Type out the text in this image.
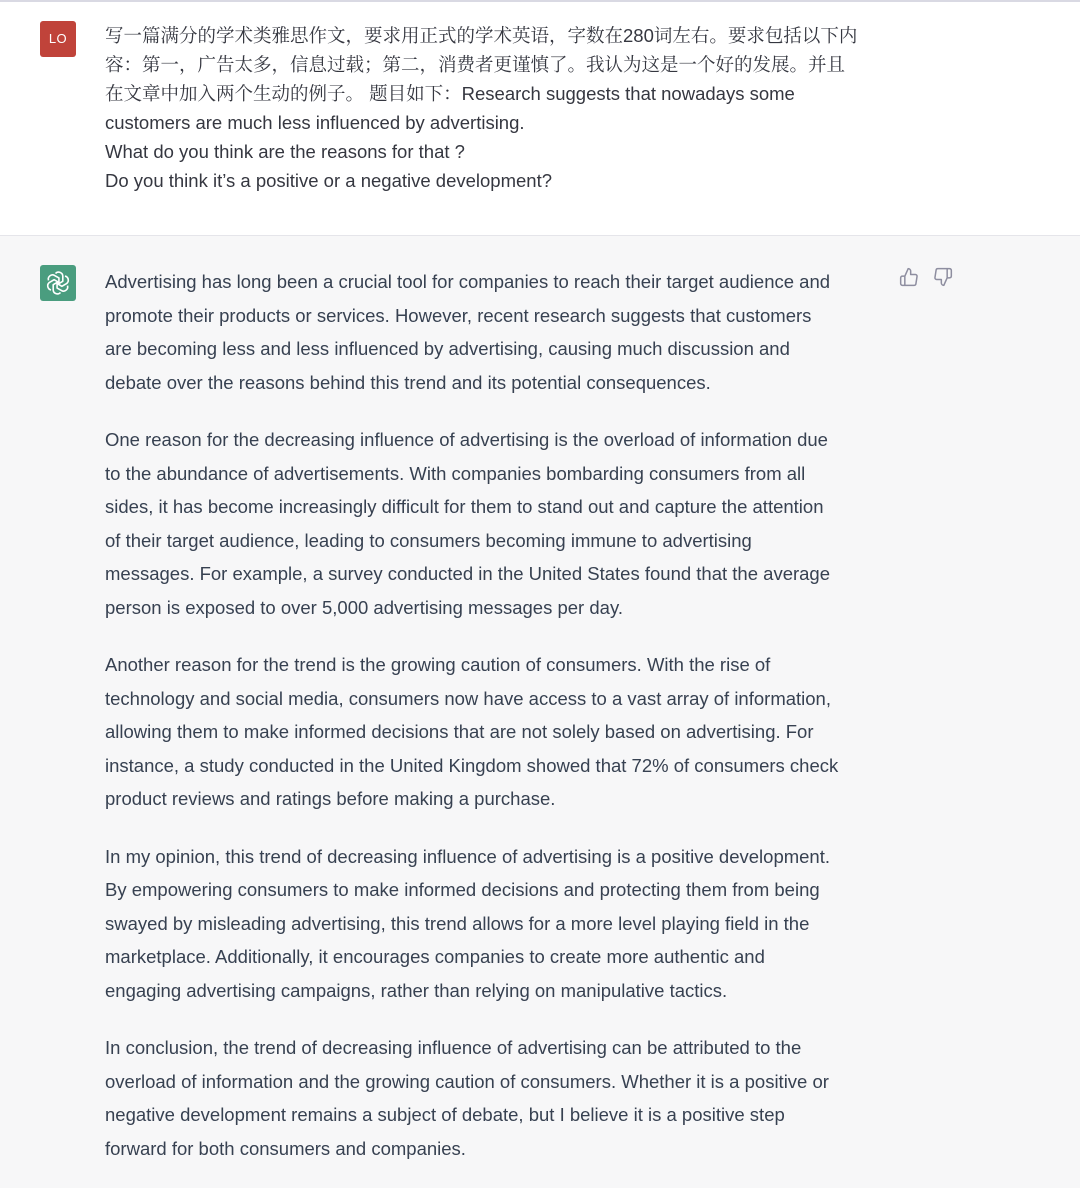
LO	写一篇满分的学术类雅思作文，要求用正式的学术英语，字数在280词左右。要求包括以下内
容：第一，广告太多，信息过载；第二，消费者更谨慎了。我认为这是一个好的发展。并且
在文章中加入两个生动的例子。 题目如下：Research suggests that nowadays some
customers are much less influenced by advertising.
What do you think are the reasons for that ?
Do you think it’s a positive or a negative development?
Advertising has long been a crucial tool for companies to reach their target audience and
promote their products or services. However, recent research suggests that customers
are becoming less and less influenced by advertising, causing much discussion and
debate over the reasons behind this trend and its potential consequences.
One reason for the decreasing influence of advertising is the overload of information due
to the abundance of advertisements. With companies bombarding consumers from all
sides, it has become increasingly difficult for them to stand out and capture the attention
of their target audience, leading to consumers becoming immune to advertising
messages. For example, a survey conducted in the United States found that the average
person is exposed to over 5,000 advertising messages per day.
Another reason for the trend is the growing caution of consumers. With the rise of
technology and social media, consumers now have access to a vast array of information,
allowing them to make informed decisions that are not solely based on advertising. For
instance, a study conducted in the United Kingdom showed that 72% of consumers check
product reviews and ratings before making a purchase.
In my opinion, this trend of decreasing influence of advertising is a positive development.
By empowering consumers to make informed decisions and protecting them from being
swayed by misleading advertising, this trend allows for a more level playing field in the
marketplace. Additionally, it encourages companies to create more authentic and
engaging advertising campaigns, rather than relying on manipulative tactics.
In conclusion, the trend of decreasing influence of advertising can be attributed to the
overload of information and the growing caution of consumers. Whether it is a positive or
negative development remains a subject of debate, but I believe it is a positive step
forward for both consumers and companies.
